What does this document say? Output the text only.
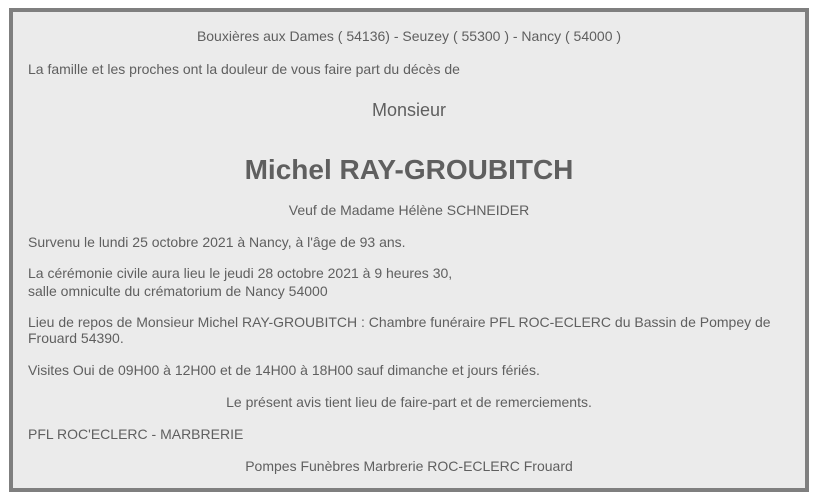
Bouxières aux Dames ( 54136) - Seuzey ( 55300 ) - Nancy ( 54000 )

La famille et les proches ont la douleur de vous faire part du décès de

Monsieur

Michel RAY-GROUBITCH

Veuf de Madame Hélène SCHNEIDER

Survenu le lundi 25 octobre 2021 à Nancy, à l'âge de 93 ans.

La cérémonie civile aura lieu le jeudi 28 octobre 2021 à 9 heures 30,

salle omniculte du crématorium de Nancy 54000

Lieu de repos de Monsieur Michel RAY-GROUBITCH : Chambre funéraire PFL ROC-ECLERC du Bassin de Pompey de Frouard 54390.

Visites Oui de 09H00 à 12H00 et de 14H00 à 18H00 sauf dimanche et jours fériés.

Le présent avis tient lieu de faire-part et de remerciements.

PFL ROC'ECLERC - MARBRERIE

Pompes Funèbres Marbrerie ROC-ECLERC Frouard
